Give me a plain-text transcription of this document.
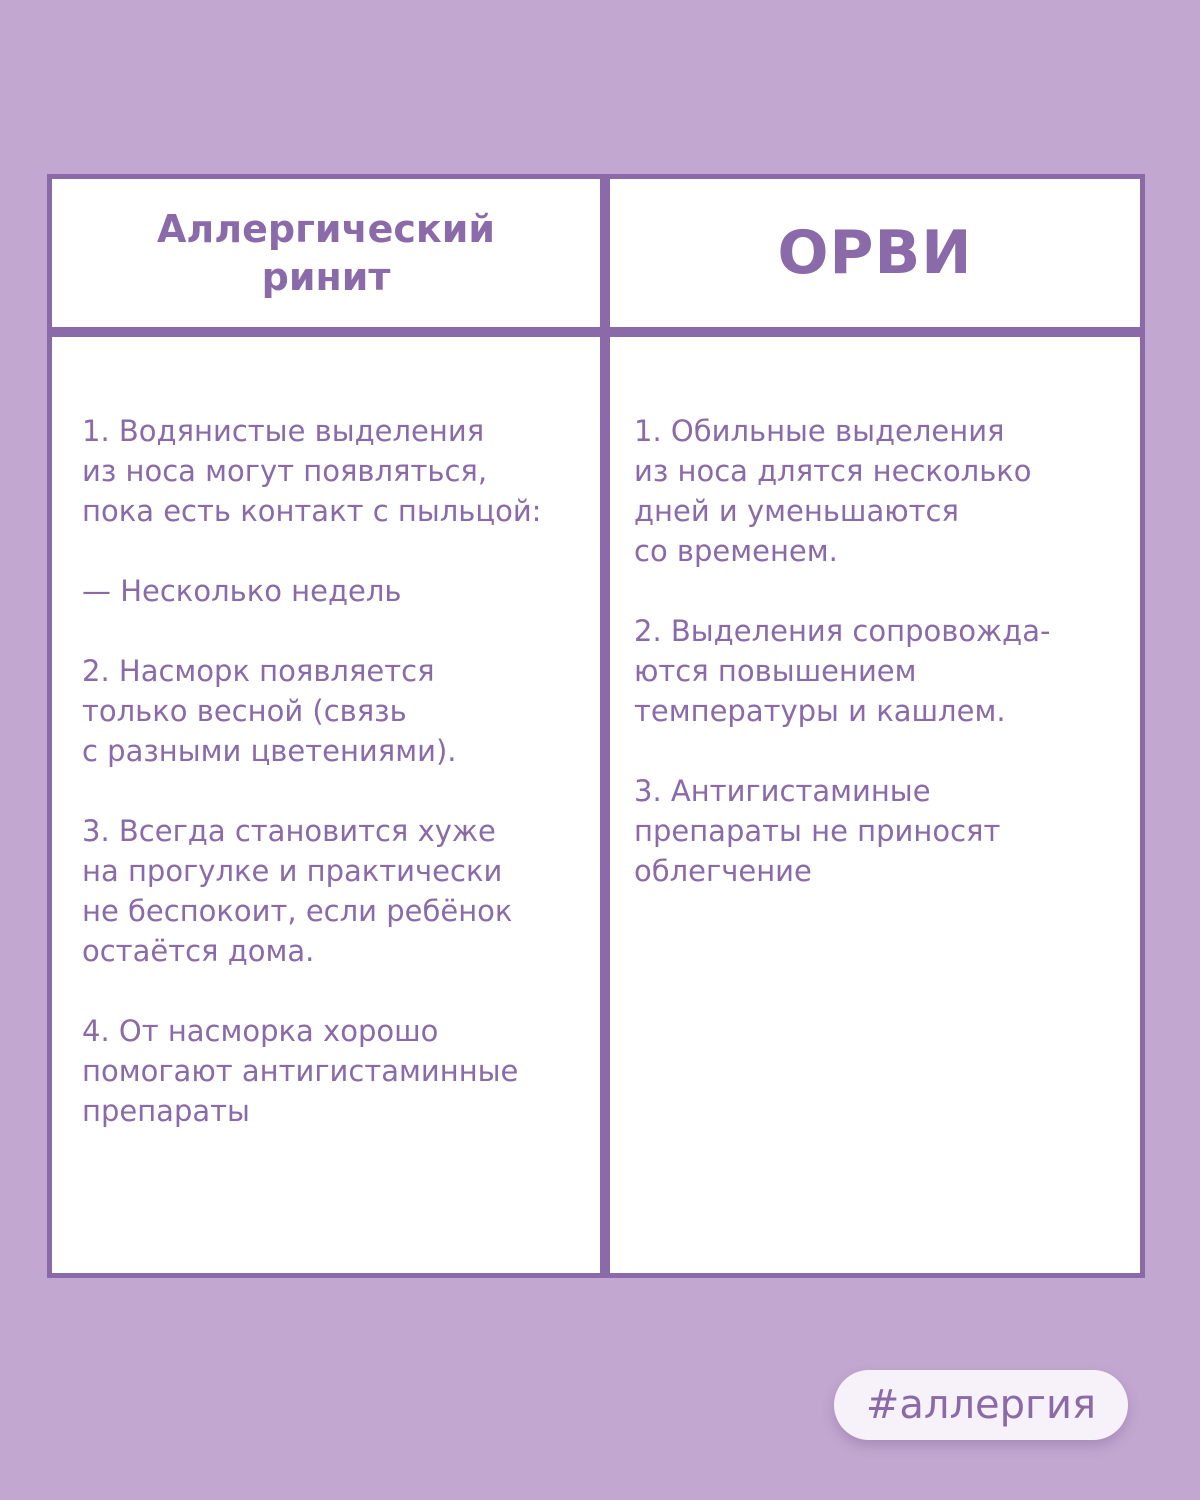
Аллергический
ринит	ОРВИ
1. Водянистые выделения
из носа могут появляться,
пока есть контакт с пыльцой:

— Несколько недель

2. Насморк появляется
только весной (связь
с разными цветениями).

3. Всегда становится хуже
на прогулке и практически
не беспокоит, если ребёнок
остаётся дома.

4. От насморка хорошо
помогают антигистаминные
препараты
1. Обильные выделения
из носа длятся несколько
дней и уменьшаются
со временем.

2. Выделения сопровожда-
ются повышением
температуры и кашлем.

3. Антигистаминые
препараты не приносят
облегчение
#аллергия
